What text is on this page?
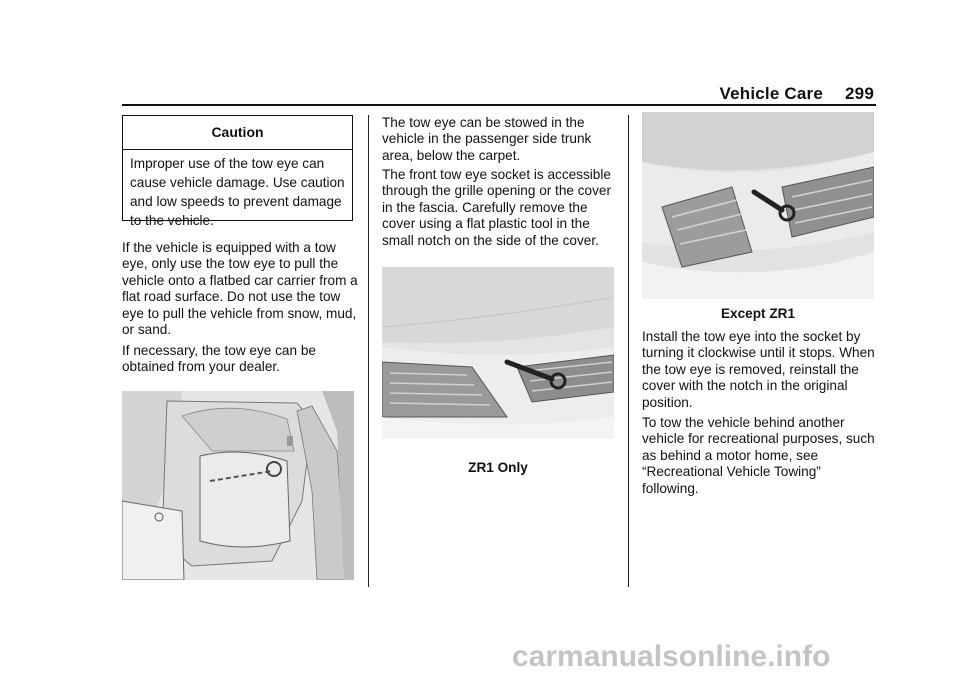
Vehicle Care 299
Caution
Improper use of the tow eye can cause vehicle damage. Use caution and low speeds to prevent damage to the vehicle.

If the vehicle is equipped with a tow eye, only use the tow eye to pull the vehicle onto a flatbed car carrier from a flat road surface. Do not use the tow eye to pull the vehicle from snow, mud, or sand.

If necessary, the tow eye can be obtained from your dealer.

The tow eye can be stowed in the vehicle in the passenger side trunk area, below the carpet.

The front tow eye socket is accessible through the grille opening or the cover in the fascia. Carefully remove the cover using a flat plastic tool in the small notch on the side of the cover.

ZR1 Only
Except ZR1

Install the tow eye into the socket by turning it clockwise until it stops. When the tow eye is removed, reinstall the cover with the notch in the original position.

To tow the vehicle behind another vehicle for recreational purposes, such as behind a motor home, see “Recreational Vehicle Towing” following.

carmanualsonline.info
